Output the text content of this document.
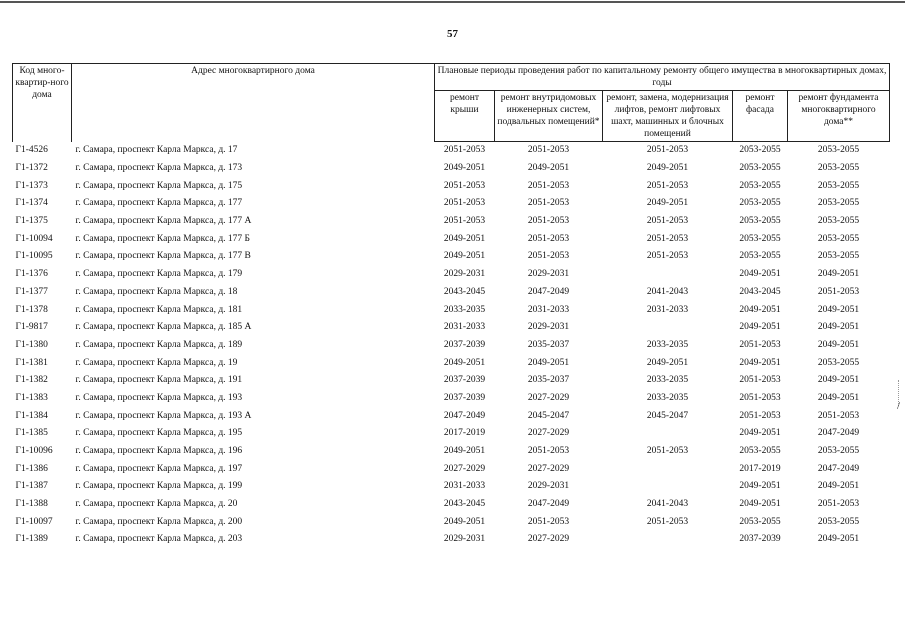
57
Код много-квартир-ного дома	Адрес многоквартирного дома	Плановые периоды проведения работ по капитальному ремонту общего имущества в многоквартирных домах, годы				
		ремонт крыши	ремонт внутридомовых инженерных систем, подвальных помещений*	ремонт, замена, модернизация лифтов, ремонт лифтовых шахт, машинных и блочных помещений	ремонт фасада	ремонт фундамента многоквартирного дома**
Г1-4526	г. Самара, проспект Карла Маркса, д. 17	2051-2053	2051-2053	2051-2053	2053-2055	2053-2055
Г1-1372	г. Самара, проспект Карла Маркса, д. 173	2049-2051	2049-2051	2049-2051	2053-2055	2053-2055
Г1-1373	г. Самара, проспект Карла Маркса, д. 175	2051-2053	2051-2053	2051-2053	2053-2055	2053-2055
Г1-1374	г. Самара, проспект Карла Маркса, д. 177	2051-2053	2051-2053	2049-2051	2053-2055	2053-2055
Г1-1375	г. Самара, проспект Карла Маркса, д. 177 А	2051-2053	2051-2053	2051-2053	2053-2055	2053-2055
Г1-10094	г. Самара, проспект Карла Маркса, д. 177 Б	2049-2051	2051-2053	2051-2053	2053-2055	2053-2055
Г1-10095	г. Самара, проспект Карла Маркса, д. 177 В	2049-2051	2051-2053	2051-2053	2053-2055	2053-2055
Г1-1376	г. Самара, проспект Карла Маркса, д. 179	2029-2031	2029-2031		2049-2051	2049-2051
Г1-1377	г. Самара, проспект Карла Маркса, д. 18	2043-2045	2047-2049	2041-2043	2043-2045	2051-2053
Г1-1378	г. Самара, проспект Карла Маркса, д. 181	2033-2035	2031-2033	2031-2033	2049-2051	2049-2051
Г1-9817	г. Самара, проспект Карла Маркса, д. 185 А	2031-2033	2029-2031		2049-2051	2049-2051
Г1-1380	г. Самара, проспект Карла Маркса, д. 189	2037-2039	2035-2037	2033-2035	2051-2053	2049-2051
Г1-1381	г. Самара, проспект Карла Маркса, д. 19	2049-2051	2049-2051	2049-2051	2049-2051	2053-2055
Г1-1382	г. Самара, проспект Карла Маркса, д. 191	2037-2039	2035-2037	2033-2035	2051-2053	2049-2051
Г1-1383	г. Самара, проспект Карла Маркса, д. 193	2037-2039	2027-2029	2033-2035	2051-2053	2049-2051
Г1-1384	г. Самара, проспект Карла Маркса, д. 193 А	2047-2049	2045-2047	2045-2047	2051-2053	2051-2053
Г1-1385	г. Самара, проспект Карла Маркса, д. 195	2017-2019	2027-2029		2049-2051	2047-2049
Г1-10096	г. Самара, проспект Карла Маркса, д. 196	2049-2051	2051-2053	2051-2053	2053-2055	2053-2055
Г1-1386	г. Самара, проспект Карла Маркса, д. 197	2027-2029	2027-2029		2017-2019	2047-2049
Г1-1387	г. Самара, проспект Карла Маркса, д. 199	2031-2033	2029-2031		2049-2051	2049-2051
Г1-1388	г. Самара, проспект Карла Маркса, д. 20	2043-2045	2047-2049	2041-2043	2049-2051	2051-2053
Г1-10097	г. Самара, проспект Карла Маркса, д. 200	2049-2051	2051-2053	2051-2053	2053-2055	2053-2055
Г1-1389	г. Самара, проспект Карла Маркса, д. 203	2029-2031	2027-2029		2037-2039	2049-2051
/
